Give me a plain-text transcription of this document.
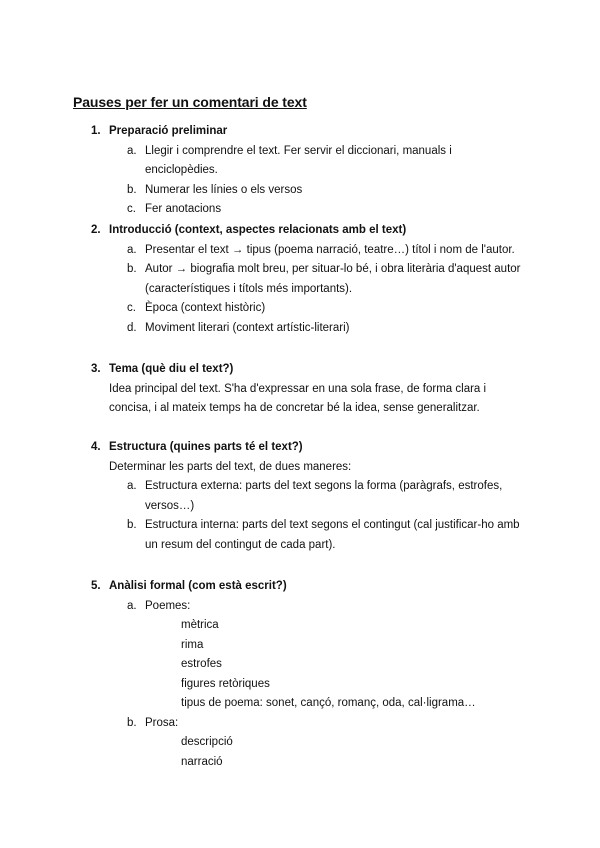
Pauses per fer un comentari de text
1. Preparació preliminar
a. Llegir i comprendre el text. Fer servir el diccionari, manuals i enciclopèdies.
b. Numerar les línies o els versos
c. Fer anotacions
2. Introducció (context, aspectes relacionats amb el text)
a. Presentar el text → tipus (poema narració, teatre…) títol i nom de l'autor.
b. Autor → biografia molt breu, per situar-lo bé, i obra literària d'aquest autor (característiques i títols més importants).
c. Època (context històric)
d. Moviment literari (context artístic-literari)
3. Tema (què diu el text?)
Idea principal del text. S'ha d'expressar en una sola frase, de forma clara i concisa, i al mateix temps ha de concretar bé la idea, sense generalitzar.
4. Estructura (quines parts té el text?)
Determinar les parts del text, de dues maneres:
a. Estructura externa: parts del text segons la forma (paràgrafs, estrofes, versos…)
b. Estructura interna: parts del text segons el contingut (cal justificar-ho amb un resum del contingut de cada part).
5. Anàlisi formal (com està escrit?)
a. Poemes:
mètrica
rima
estrofes
figures retòriques
tipus de poema: sonet, cançó, romanç, oda, cal·ligrama…
b. Prosa:
descripció
narració
